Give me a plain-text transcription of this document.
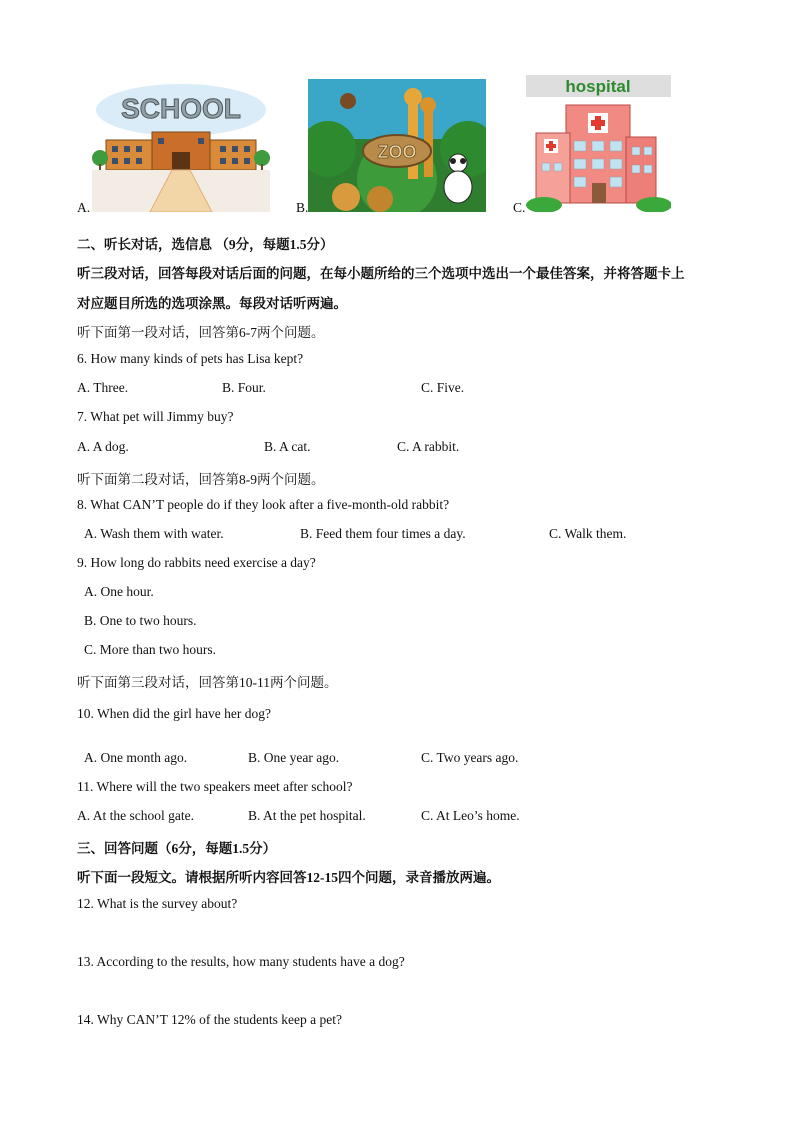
A.
SCHOOL
B.
ZOO
C.
hospital
二、听长对话，选信息 （9分，每题1.5分）
听三段对话，回答每段对话后面的问题，在每小题所给的三个选项中选出一个最佳答案，并将答题卡上
对应题目所选的选项涂黑。每段对话听两遍。
听下面第一段对话，回答第6-7两个问题。
6. How many kinds of pets has Lisa kept?
A. Three.	B. Four.	C. Five.
7. What pet will Jimmy buy?
A. A dog.	B. A cat.	C. A rabbit.
听下面第二段对话，回答第8-9两个问题。
8. What CAN’T people do if they look after a five-month-old rabbit?
A. Wash them with water.	B. Feed them four times a day.	C. Walk them.
9. How long do rabbits need exercise a day?
A. One hour.
B. One to two hours.
C. More than two hours.
听下面第三段对话，回答第10-11两个问题。
10. When did the girl have her dog?
A. One month ago.	B. One year ago.	C. Two years ago.
11. Where will the two speakers meet after school?
A. At the school gate.	B. At the pet hospital.	C. At Leo’s home.
三、回答问题（6分，每题1.5分）
听下面一段短文。请根据所听内容回答12-15四个问题，录音播放两遍。
12. What is the survey about?
13. According to the results, how many students have a dog?
14. Why CAN’T 12% of the students keep a pet?
